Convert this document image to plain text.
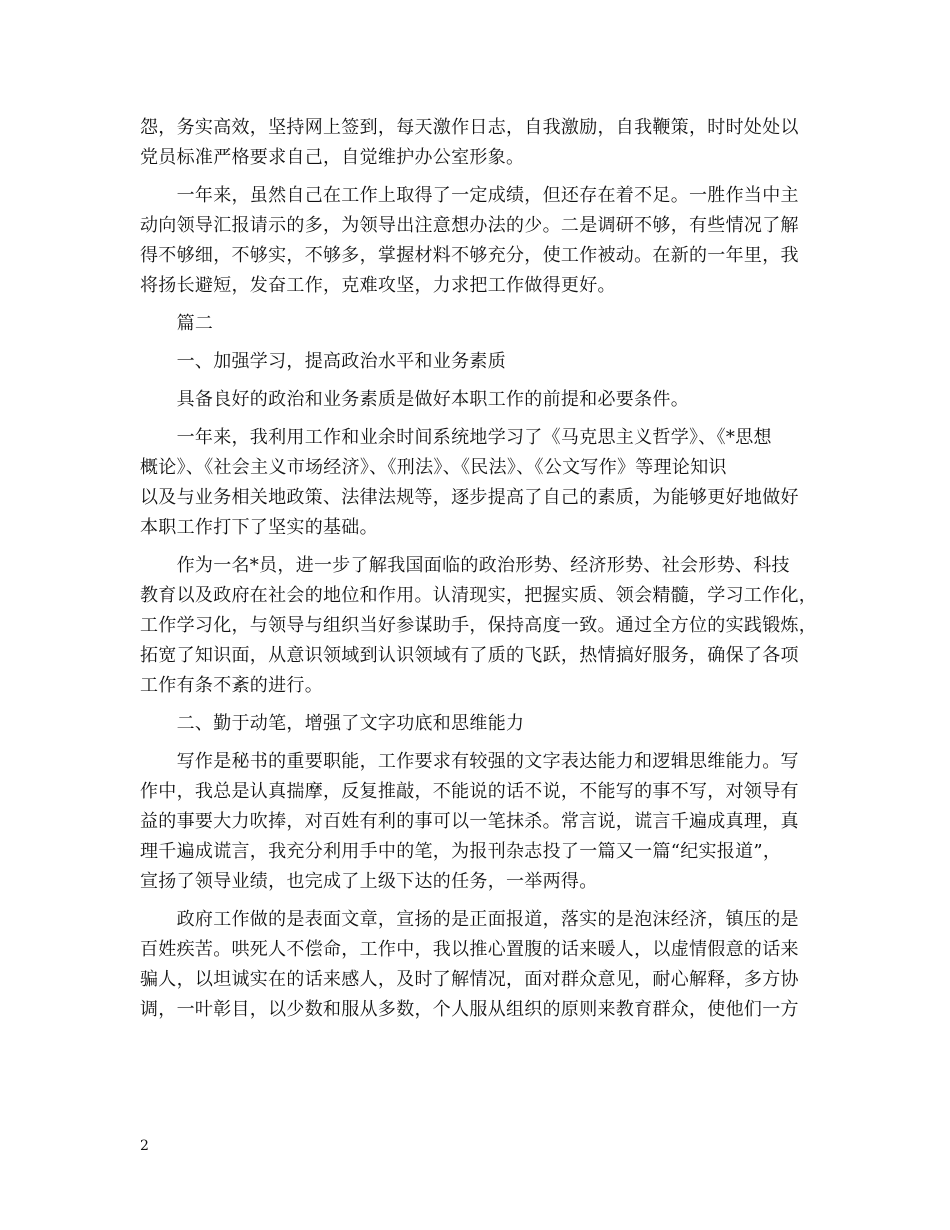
怨，务实高效，坚持网上签到，每天激作日志，自我激励，自我鞭策，时时处处以
党员标准严格要求自己，自觉维护办公室形象。

　　一年来，虽然自己在工作上取得了一定成绩，但还存在着不足。一胜作当中主
动向领导汇报请示的多，为领导出注意想办法的少。二是调研不够，有些情况了解
得不够细，不够实，不够多，掌握材料不够充分，使工作被动。在新的一年里，我
将扬长避短，发奋工作，克难攻坚，力求把工作做得更好。

　　篇二

　　一、加强学习，提高政治水平和业务素质

　　具备良好的政治和业务素质是做好本职工作的前提和必要条件。

　　一年来，我利用工作和业余时间系统地学习了《马克思主义哲学》、《*思想
概论》、《社会主义市场经济》、《刑法》、《民法》、《公文写作》等理论知识
以及与业务相关地政策、法律法规等，逐步提高了自己的素质，为能够更好地做好
本职工作打下了坚实的基础。

　　作为一名*员，进一步了解我国面临的政治形势、经济形势、社会形势、科技
教育以及政府在社会的地位和作用。认清现实，把握实质、领会精髓，学习工作化，
工作学习化，与领导与组织当好参谋助手，保持高度一致。通过全方位的实践锻炼，
拓宽了知识面，从意识领域到认识领域有了质的飞跃，热情搞好服务，确保了各项
工作有条不紊的进行。

　　二、勤于动笔，增强了文字功底和思维能力

　　写作是秘书的重要职能，工作要求有较强的文字表达能力和逻辑思维能力。写
作中，我总是认真揣摩，反复推敲，不能说的话不说，不能写的事不写，对领导有
益的事要大力吹捧，对百姓有利的事可以一笔抹杀。常言说，谎言千遍成真理，真
理千遍成谎言，我充分利用手中的笔，为报刊杂志投了一篇又一篇“纪实报道”，
宣扬了领导业绩，也完成了上级下达的任务，一举两得。

　　政府工作做的是表面文章，宣扬的是正面报道，落实的是泡沫经济，镇压的是
百姓疾苦。哄死人不偿命，工作中，我以推心置腹的话来暖人，以虚情假意的话来
骗人，以坦诚实在的话来感人，及时了解情况，面对群众意见，耐心解释，多方协
调，一叶彰目，以少数和服从多数，个人服从组织的原则来教育群众，使他们一方

2
